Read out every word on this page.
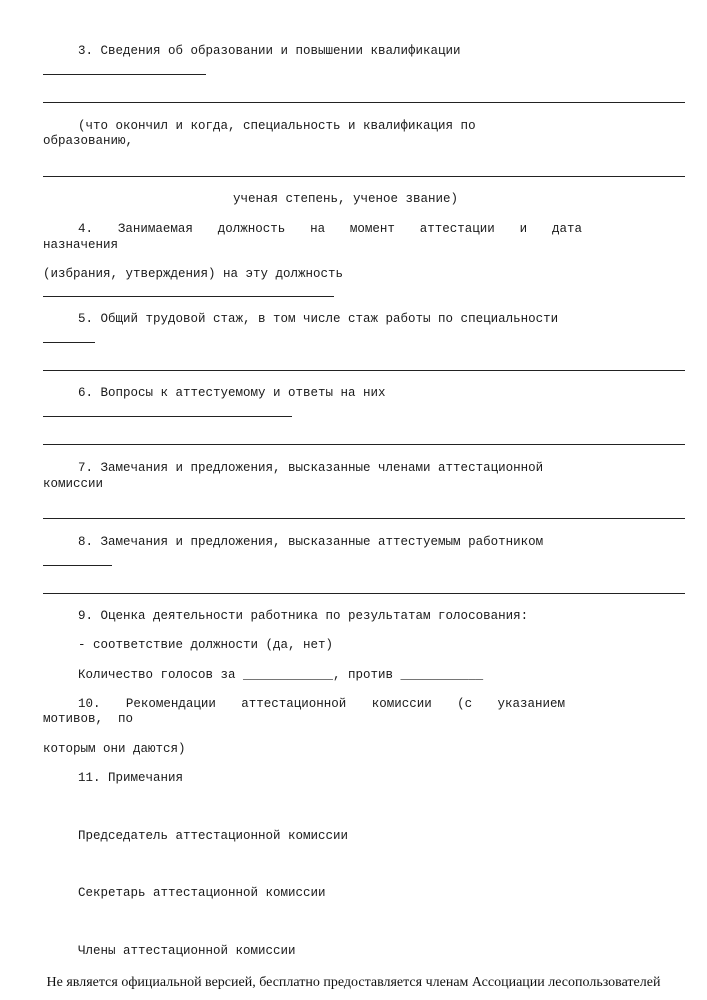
3. Сведения об образовании и повышении квалификации
(что окончил и когда, специальность и квалификация по
образованию,
ученая степень, ученое звание)
4. Занимаемая должность на момент аттестации и дата
назначения
(избрания, утверждения) на эту должность
5. Общий трудовой стаж, в том числе стаж работы по специальности
6. Вопросы к аттестуемому и ответы на них
7. Замечания и предложения, высказанные членами аттестационной
комиссии
8. Замечания и предложения, высказанные аттестуемым работником
9. Оценка деятельности работника по результатам голосования:
- соответствие должности (да, нет)
Количество голосов за ____________, против ___________
10. Рекомендации аттестационной комиссии (с указанием
мотивов,  по
которым они даются)
11. Примечания
Председатель аттестационной комиссии
Секретарь аттестационной комиссии
Члены аттестационной комиссии
Не является официальной версией, бесплатно предоставляется членам Ассоциации лесопользователей
